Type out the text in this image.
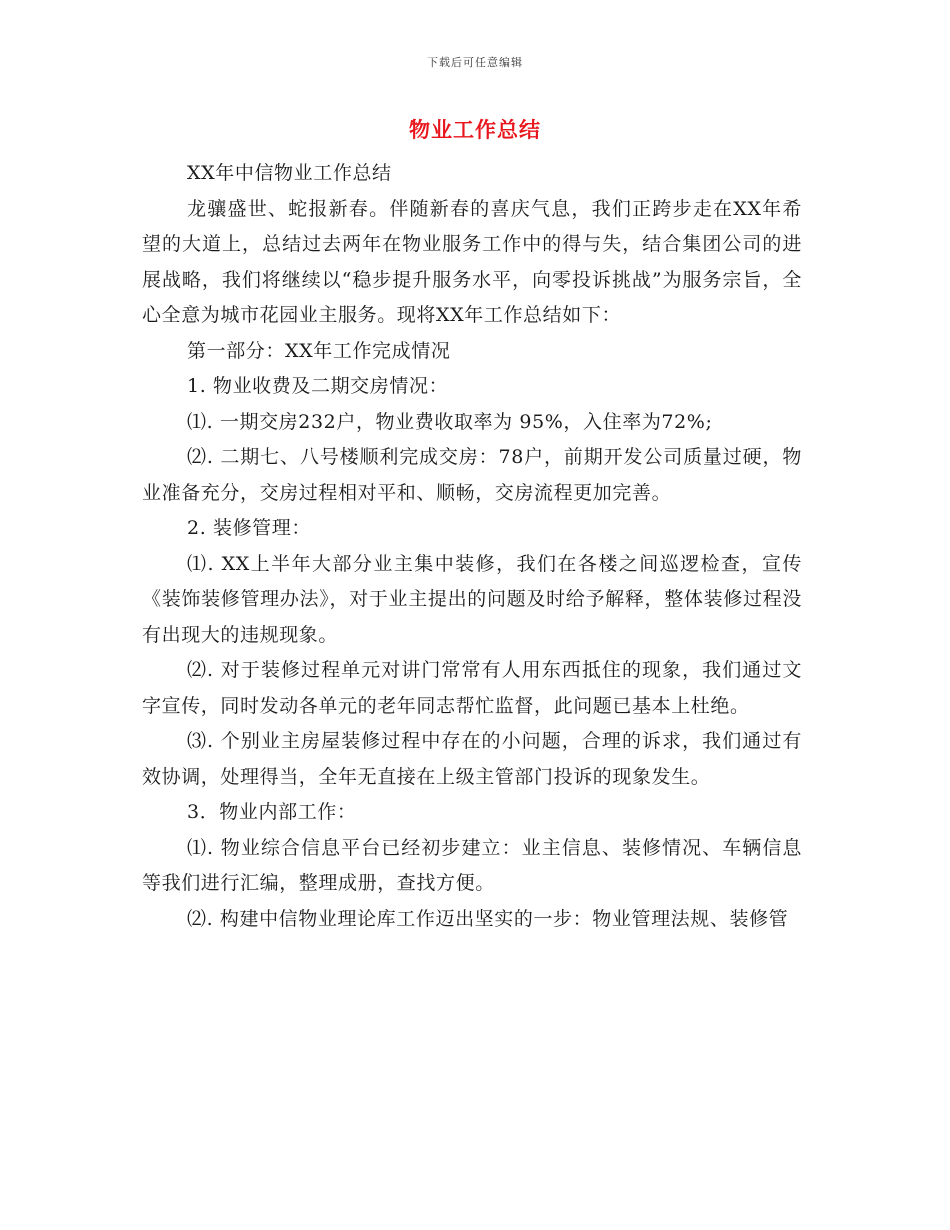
下载后可任意编辑
物业工作总结

XX年中信物业工作总结

龙骧盛世、蛇报新春。伴随新春的喜庆气息，我们正跨步走在XX年希望的大道上，总结过去两年在物业服务工作中的得与失，结合集团公司的进展战略，我们将继续以“稳步提升服务水平，向零投诉挑战”为服务宗旨，全心全意为城市花园业主服务。现将XX年工作总结如下：

第一部分：XX年工作完成情况

1. 物业收费及二期交房情况：

⑴. 一期交房232户，物业费收取率为 95%，入住率为72%;

⑵. 二期七、八号楼顺利完成交房：78户，前期开发公司质量过硬，物业准备充分，交房过程相对平和、顺畅，交房流程更加完善。

2. 装修管理：

⑴. XX上半年大部分业主集中装修，我们在各楼之间巡逻检查，宣传《装饰装修管理办法》，对于业主提出的问题及时给予解释，整体装修过程没有出现大的违规现象。

⑵. 对于装修过程单元对讲门常常有人用东西抵住的现象，我们通过文字宣传，同时发动各单元的老年同志帮忙监督，此问题已基本上杜绝。

⑶. 个别业主房屋装修过程中存在的小问题，合理的诉求，我们通过有效协调，处理得当，全年无直接在上级主管部门投诉的现象发生。

3．物业内部工作：

⑴. 物业综合信息平台已经初步建立：业主信息、装修情况、车辆信息等我们进行汇编，整理成册，查找方便。

⑵. 构建中信物业理论库工作迈出坚实的一步：物业管理法规、装修管
